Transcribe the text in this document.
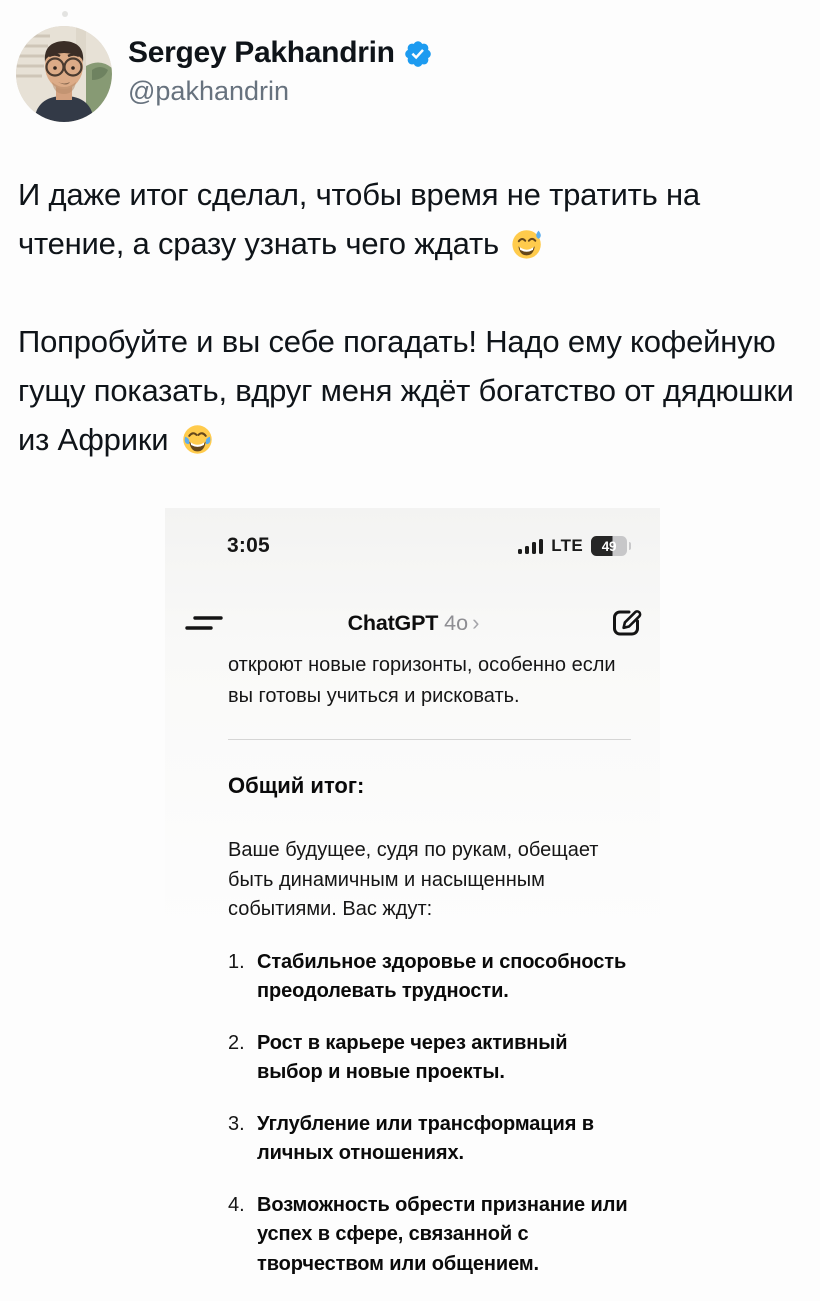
Sergey Pakhandrin
@pakhandrin

И даже итог сделал, чтобы время не тратить на чтение, а сразу узнать чего ждать

Попробуйте и вы себе погадать! Надо ему кофейную гущу показать, вдруг меня ждёт богатство от дядюшки из Африки

3:05	LTE 49
ChatGPT 4o ›

откроют новые горизонты, особенно если вы готовы учиться и рисковать.

Общий итог:

Ваше будущее, судя по рукам, обещает быть динамичным и насыщенным событиями. Вас ждут:

1. Стабильное здоровье и способность преодолевать трудности.
2. Рост в карьере через активный выбор и новые проекты.
3. Углубление или трансформация в личных отношениях.
4. Возможность обрести признание или успех в сфере, связанной с творчеством или общением.
